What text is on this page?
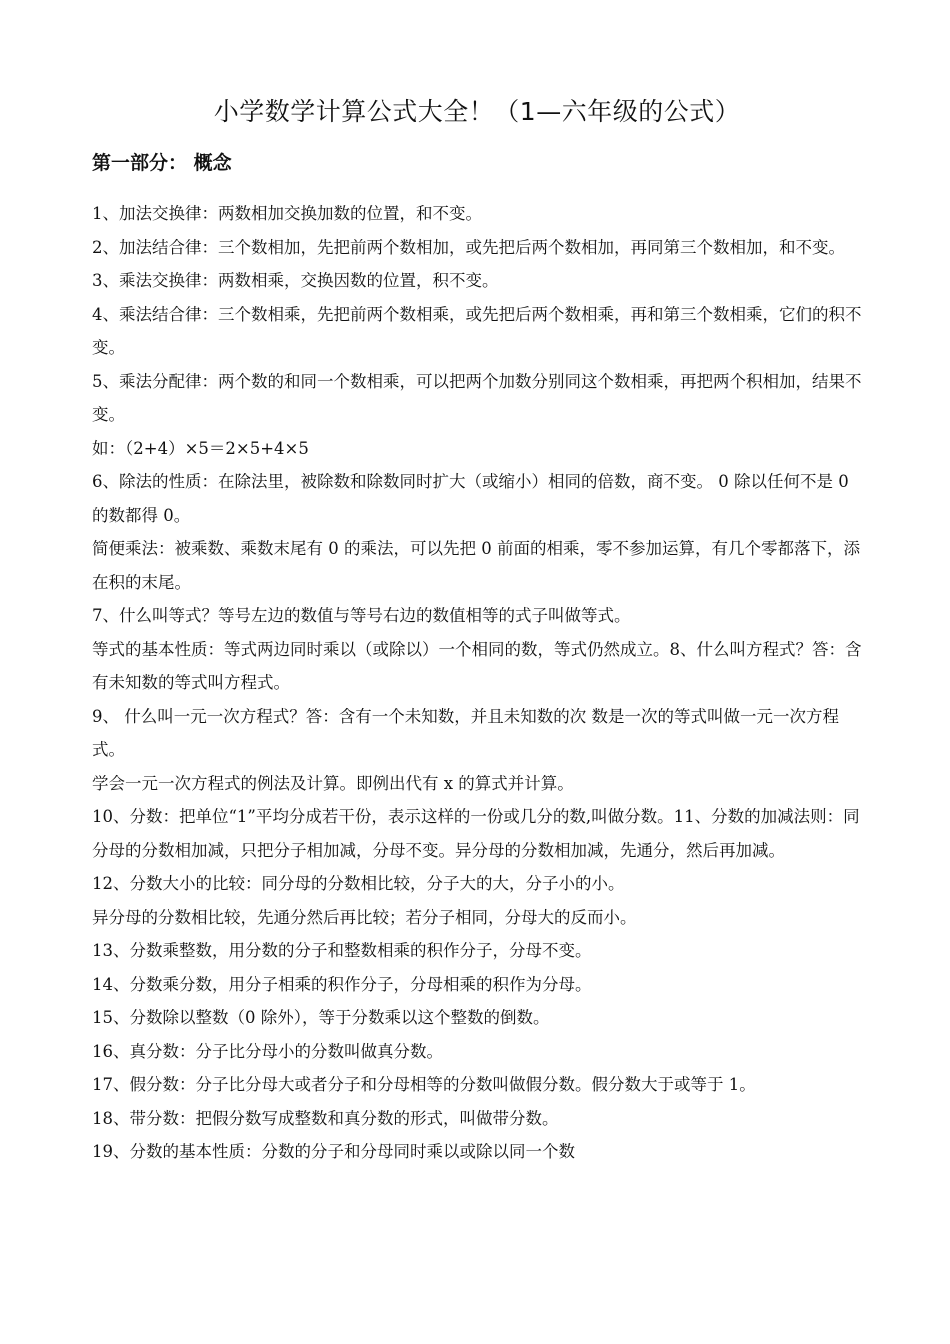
小学数学计算公式大全！（1—六年级的公式）
第一部分： 概念

1、加法交换律：两数相加交换加数的位置，和不变。

2、加法结合律：三个数相加，先把前两个数相加，或先把后两个数相加，再同第三个数相加，和不变。

3、乘法交换律：两数相乘，交换因数的位置，积不变。

4、乘法结合律：三个数相乘，先把前两个数相乘，或先把后两个数相乘，再和第三个数相乘，它们的积不变。

5、乘法分配律：两个数的和同一个数相乘，可以把两个加数分别同这个数相乘，再把两个积相加，结果不变。

如：（2+4）×5＝2×5+4×5

6、除法的性质：在除法里，被除数和除数同时扩大（或缩小）相同的倍数，商不变。 0 除以任何不是 0 的数都得 0。

简便乘法：被乘数、乘数末尾有 0 的乘法，可以先把 0 前面的相乘，零不参加运算，有几个零都落下，添在积的末尾。

7、什么叫等式？等号左边的数值与等号右边的数值相等的式子叫做等式。

等式的基本性质：等式两边同时乘以（或除以）一个相同的数，等式仍然成立。8、什么叫方程式？答：含有未知数的等式叫方程式。

9、 什么叫一元一次方程式？答：含有一个未知数，并且未知数的次 数是一次的等式叫做一元一次方程式。

学会一元一次方程式的例法及计算。即例出代有 x 的算式并计算。

10、分数：把单位“1”平均分成若干份，表示这样的一份或几分的数,叫做分数。11、分数的加减法则：同分母的分数相加减，只把分子相加减，分母不变。异分母的分数相加减，先通分，然后再加减。

12、分数大小的比较：同分母的分数相比较，分子大的大，分子小的小。

异分母的分数相比较，先通分然后再比较；若分子相同，分母大的反而小。

13、分数乘整数，用分数的分子和整数相乘的积作分子，分母不变。

14、分数乘分数，用分子相乘的积作分子，分母相乘的积作为分母。

15、分数除以整数（0 除外），等于分数乘以这个整数的倒数。

16、真分数：分子比分母小的分数叫做真分数。

17、假分数：分子比分母大或者分子和分母相等的分数叫做假分数。假分数大于或等于 1。

18、带分数：把假分数写成整数和真分数的形式，叫做带分数。

19、分数的基本性质：分数的分子和分母同时乘以或除以同一个数
